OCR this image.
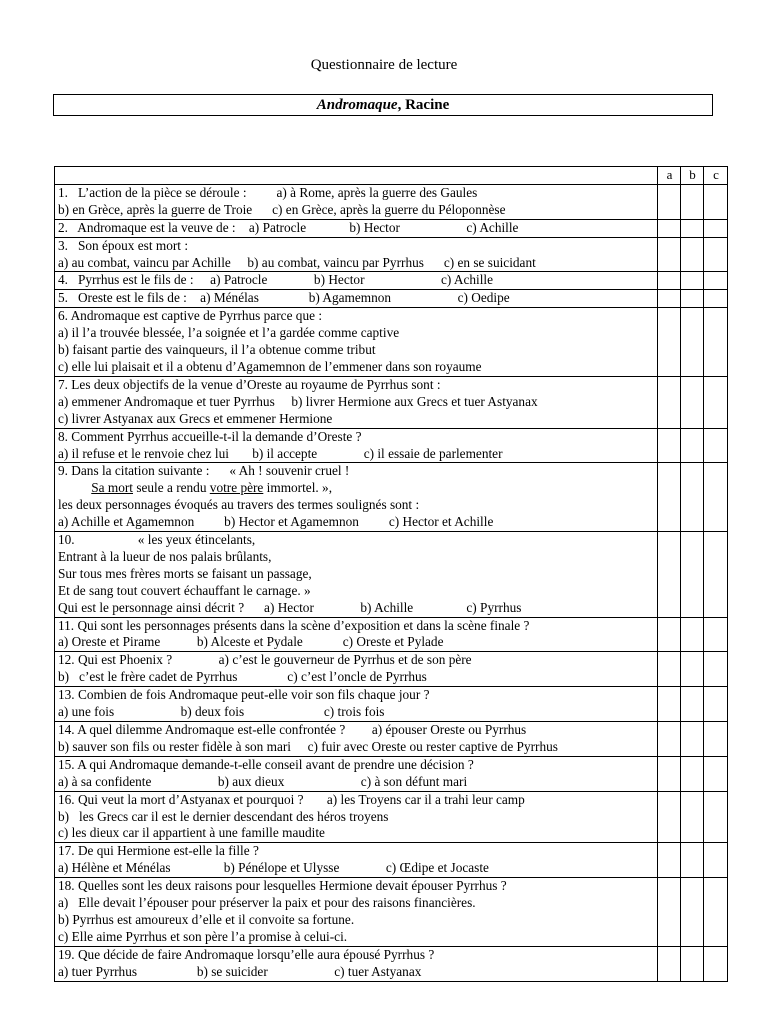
Questionnaire de lecture
Andromaque, Racine
	a	b	c

1.   L’action de la pièce se déroule :         a) à Rome, après la guerre des Gaules
b) en Grèce, après la guerre de Troie      c) en Grèce, après la guerre du Péloponnèse			

2.   Andromaque est la veuve de :    a) Patrocle             b) Hector                    c) Achille			

3.   Son époux est mort :
a) au combat, vaincu par Achille     b) au combat, vaincu par Pyrrhus      c) en se suicidant			

4.   Pyrrhus est le fils de :     a) Patrocle              b) Hector                       c) Achille			

5.   Oreste est le fils de :    a) Ménélas               b) Agamemnon                    c) Oedipe			

6. Andromaque est captive de Pyrrhus parce que :
a) il l’a trouvée blessée, l’a soignée et l’a gardée comme captive
b) faisant partie des vainqueurs, il l’a obtenue comme tribut
c) elle lui plaisait et il a obtenu d’Agamemnon de l’emmener dans son royaume			

7. Les deux objectifs de la venue d’Oreste au royaume de Pyrrhus sont :
a) emmener Andromaque et tuer Pyrrhus     b) livrer Hermione aux Grecs et tuer Astyanax
c) livrer Astyanax aux Grecs et emmener Hermione			

8. Comment Pyrrhus accueille-t-il la demande d’Oreste ?
a) il refuse et le renvoie chez lui       b) il accepte              c) il essaie de parlementer			

9. Dans la citation suivante :      « Ah ! souvenir cruel !
Sa mort seule a rendu votre père immortel. »,
les deux personnages évoqués au travers des termes soulignés sont :
a) Achille et Agamemnon         b) Hector et Agamemnon         c) Hector et Achille			

10.                   « les yeux étincelants,
Entrant à la lueur de nos palais brûlants,
Sur tous mes frères morts se faisant un passage,
Et de sang tout couvert échauffant le carnage. »
Qui est le personnage ainsi décrit ?      a) Hector              b) Achille                c) Pyrrhus			

11. Qui sont les personnages présents dans la scène d’exposition et dans la scène finale ?
a) Oreste et Pirame           b) Alceste et Pydale            c) Oreste et Pylade			

12. Qui est Phoenix ?              a) c’est le gouverneur de Pyrrhus et de son père
b)   c’est le frère cadet de Pyrrhus               c) c’est l’oncle de Pyrrhus			

13. Combien de fois Andromaque peut-elle voir son fils chaque jour ?
a) une fois                    b) deux fois                        c) trois fois			

14. A quel dilemme Andromaque est-elle confrontée ?        a) épouser Oreste ou Pyrrhus
b) sauver son fils ou rester fidèle à son mari     c) fuir avec Oreste ou rester captive de Pyrrhus			

15. A qui Andromaque demande-t-elle conseil avant de prendre une décision ?
a) à sa confidente                    b) aux dieux                       c) à son défunt mari			

16. Qui veut la mort d’Astyanax et pourquoi ?       a) les Troyens car il a trahi leur camp
b)   les Grecs car il est le dernier descendant des héros troyens
c) les dieux car il appartient à une famille maudite			

17. De qui Hermione est-elle la fille ?
a) Hélène et Ménélas                b) Pénélope et Ulysse              c) Œdipe et Jocaste			

18. Quelles sont les deux raisons pour lesquelles Hermione devait épouser Pyrrhus ?
a)   Elle devait l’épouser pour préserver la paix et pour des raisons financières.
b) Pyrrhus est amoureux d’elle et il convoite sa fortune.
c) Elle aime Pyrrhus et son père l’a promise à celui-ci.			

19. Que décide de faire Andromaque lorsqu’elle aura épousé Pyrrhus ?
a) tuer Pyrrhus                  b) se suicider                    c) tuer Astyanax			
